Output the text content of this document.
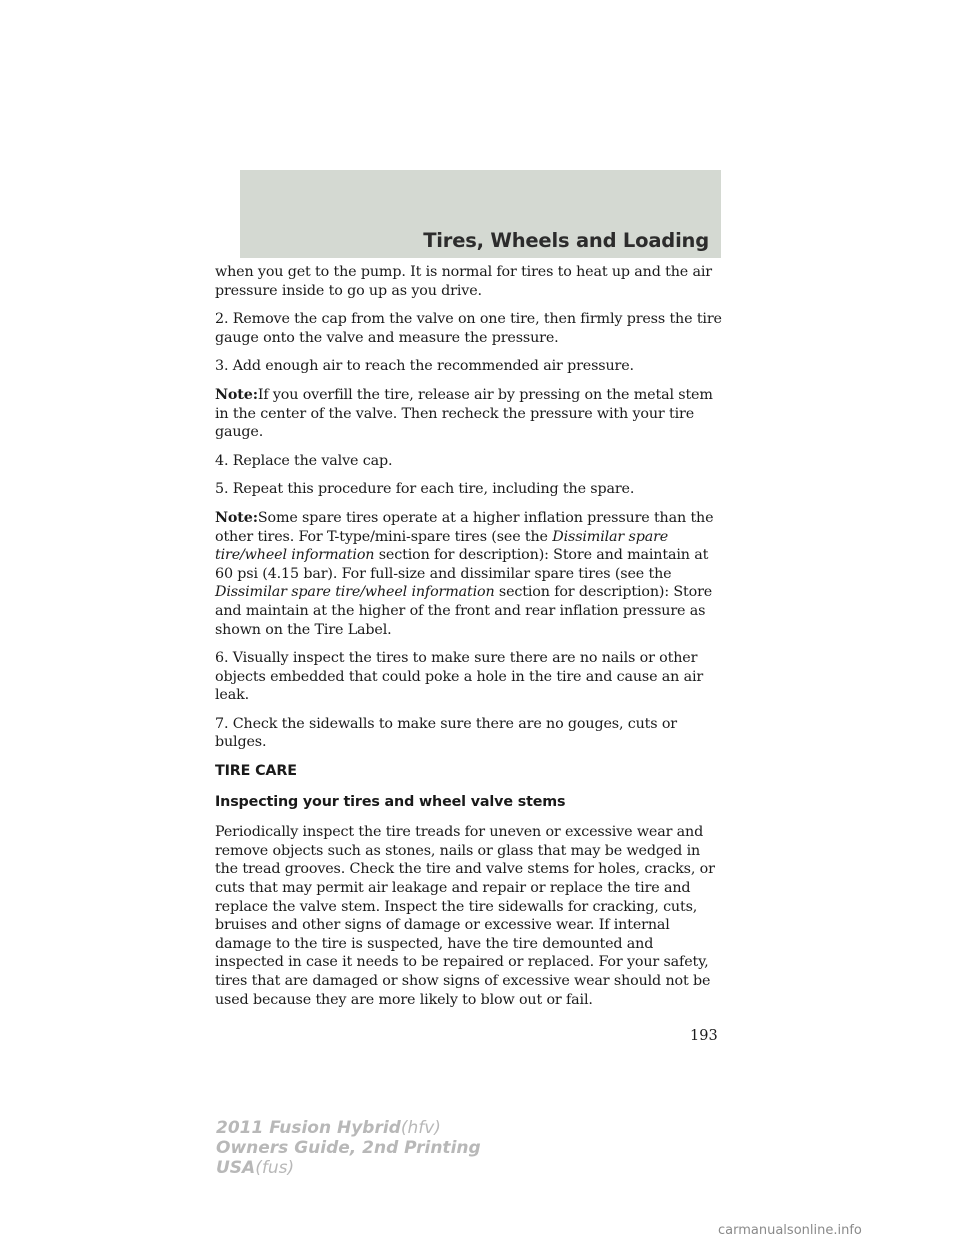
Tires, Wheels and Loading

when you get to the pump. It is normal for tires to heat up and the air pressure inside to go up as you drive.

2. Remove the cap from the valve on one tire, then firmly press the tire gauge onto the valve and measure the pressure.

3. Add enough air to reach the recommended air pressure.

Note:If you overfill the tire, release air by pressing on the metal stem in the center of the valve. Then recheck the pressure with your tire gauge.

4. Replace the valve cap.

5. Repeat this procedure for each tire, including the spare.

Note:Some spare tires operate at a higher inflation pressure than the other tires. For T-type/mini-spare tires (see the Dissimilar spare tire/wheel information section for description): Store and maintain at 60 psi (4.15 bar). For full-size and dissimilar spare tires (see the Dissimilar spare tire/wheel information section for description): Store and maintain at the higher of the front and rear inflation pressure as shown on the Tire Label.

6. Visually inspect the tires to make sure there are no nails or other objects embedded that could poke a hole in the tire and cause an air leak.

7. Check the sidewalls to make sure there are no gouges, cuts or bulges.

TIRE CARE
Inspecting your tires and wheel valve stems

Periodically inspect the tire treads for uneven or excessive wear and remove objects such as stones, nails or glass that may be wedged in the tread grooves. Check the tire and valve stems for holes, cracks, or cuts that may permit air leakage and repair or replace the tire and replace the valve stem. Inspect the tire sidewalls for cracking, cuts, bruises and other signs of damage or excessive wear. If internal damage to the tire is suspected, have the tire demounted and inspected in case it needs to be repaired or replaced. For your safety, tires that are damaged or show signs of excessive wear should not be used because they are more likely to blow out or fail.

193
2011 Fusion Hybrid(hfv)
Owners Guide, 2nd Printing
USA(fus)
carmanualsonline.info
